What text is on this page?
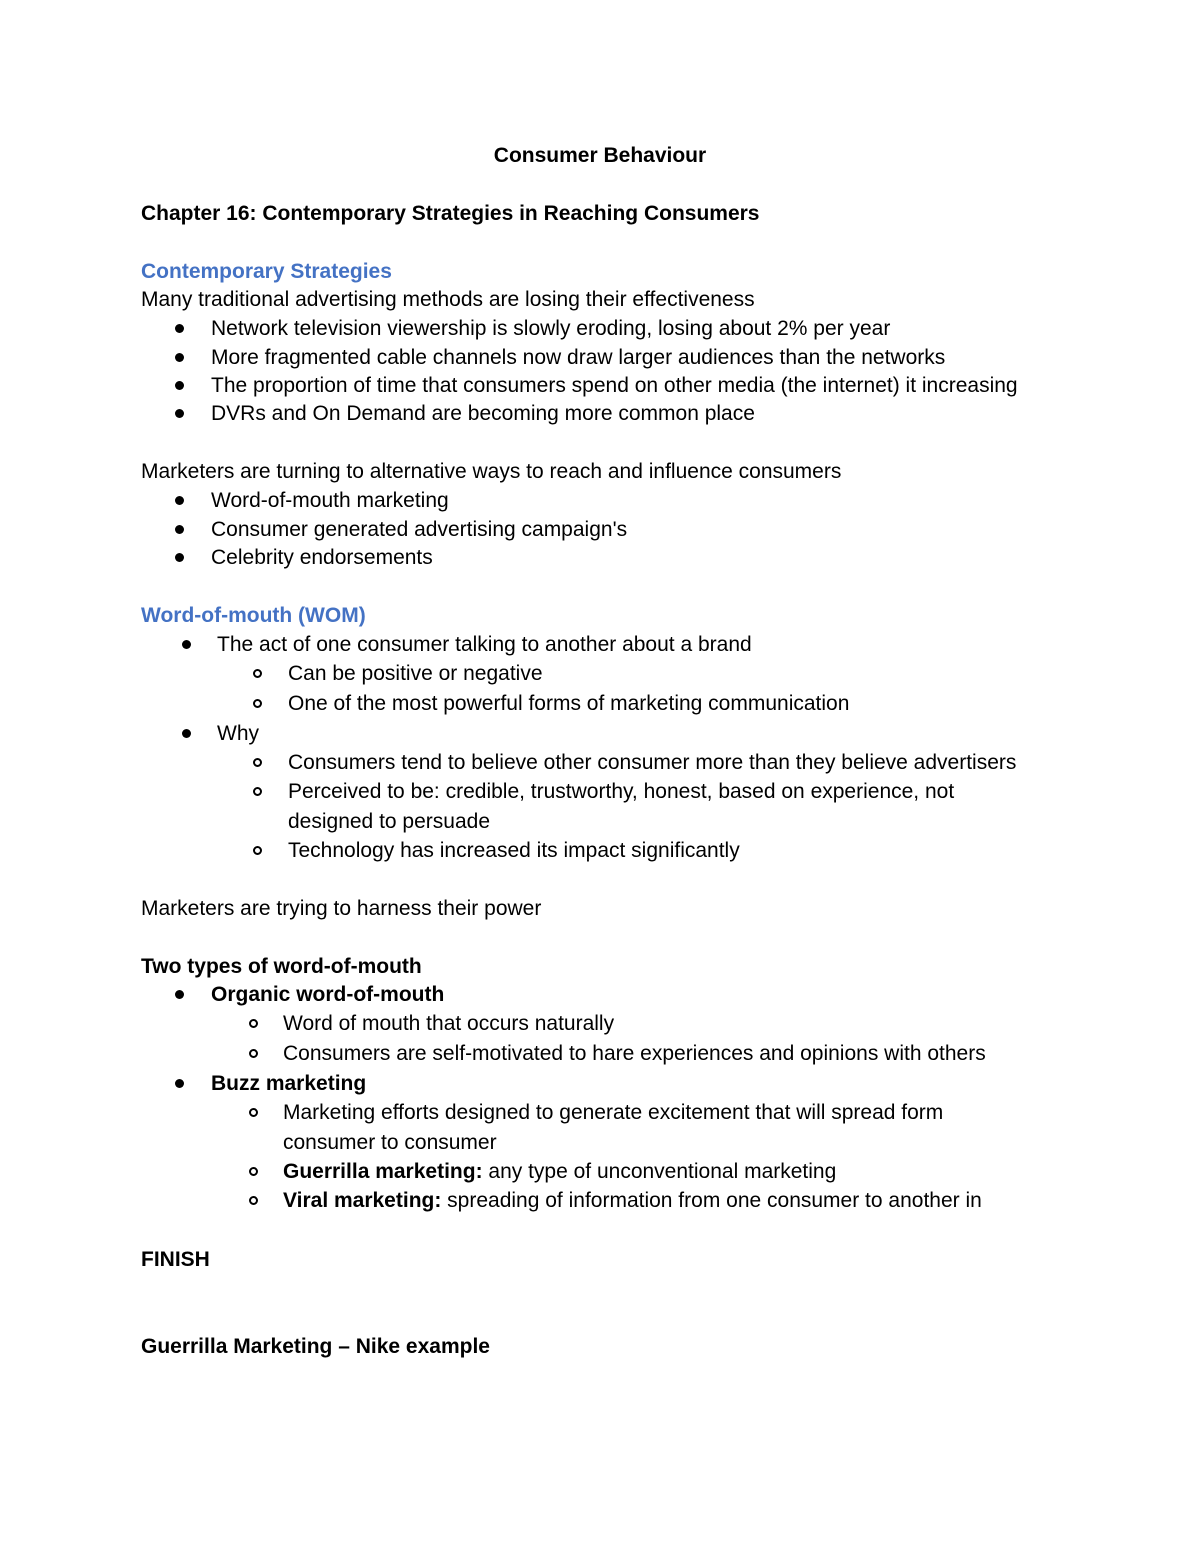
Consumer Behaviour
Chapter 16: Contemporary Strategies in Reaching Consumers
Contemporary Strategies
Many traditional advertising methods are losing their effectiveness
Network television viewership is slowly eroding, losing about 2% per year
More fragmented cable channels now draw larger audiences than the networks
The proportion of time that consumers spend on other media (the internet) it increasing
DVRs and On Demand are becoming more common place
Marketers are turning to alternative ways to reach and influence consumers
Word-of-mouth marketing
Consumer generated advertising campaign's
Celebrity endorsements
Word-of-mouth (WOM)
The act of one consumer talking to another about a brand
Can be positive or negative
One of the most powerful forms of marketing communication
Why
Consumers tend to believe other consumer more than they believe advertisers
Perceived to be: credible, trustworthy, honest, based on experience, not
designed to persuade
Technology has increased its impact significantly
Marketers are trying to harness their power
Two types of word-of-mouth
Organic word-of-mouth
Word of mouth that occurs naturally
Consumers are self-motivated to hare experiences and opinions with others
Buzz marketing
Marketing efforts designed to generate excitement that will spread form
consumer to consumer
Guerrilla marketing: any type of unconventional marketing
Viral marketing: spreading of information from one consumer to another in
FINISH
Guerrilla Marketing – Nike example
